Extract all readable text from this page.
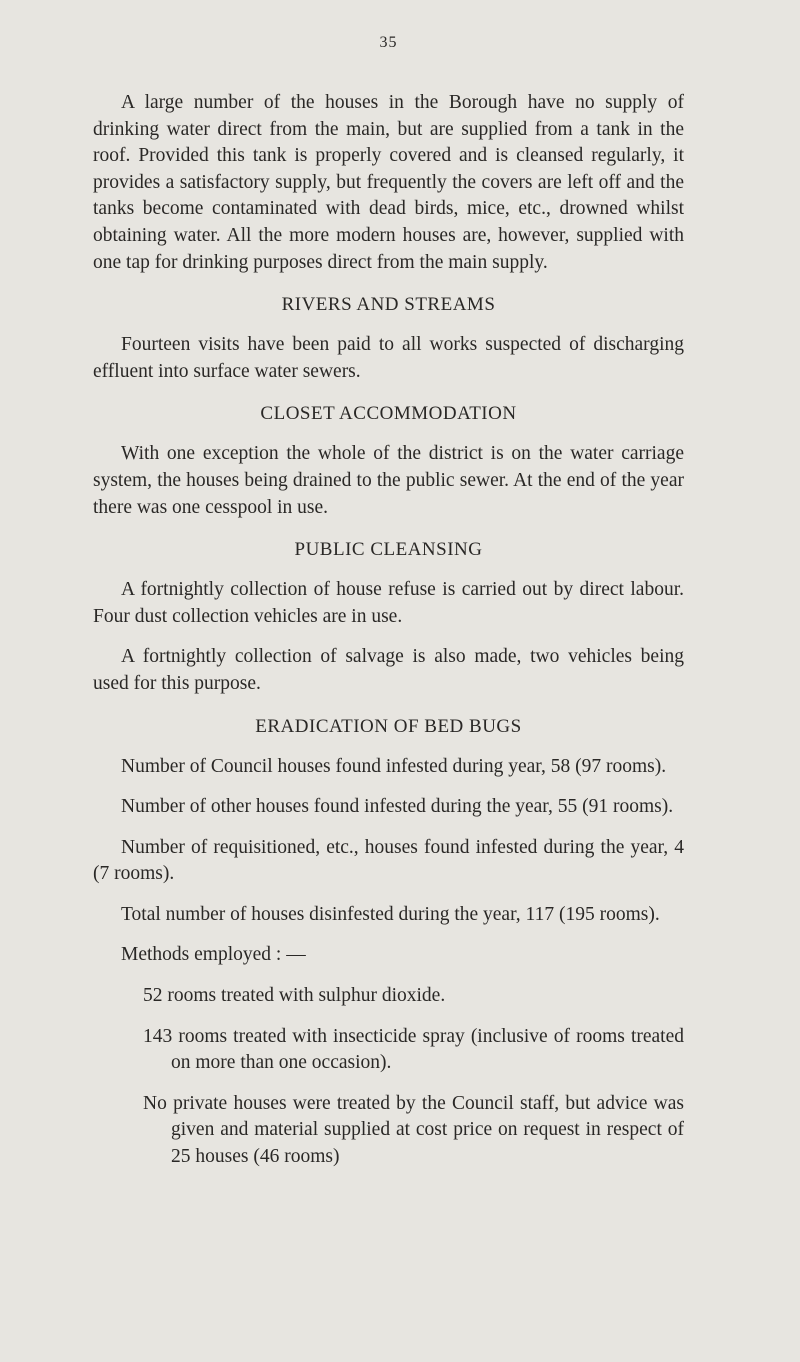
35

A large number of the houses in the Borough have no supply of drinking water direct from the main, but are supplied from a tank in the roof. Provided this tank is properly covered and is cleansed regularly, it provides a satisfactory supply, but frequently the covers are left off and the tanks become contaminated with dead birds, mice, etc., drowned whilst obtaining water. All the more modern houses are, however, supplied with one tap for drinking purposes direct from the main supply.

RIVERS AND STREAMS

Fourteen visits have been paid to all works suspected of discharging effluent into surface water sewers.

CLOSET ACCOMMODATION

With one exception the whole of the district is on the water carriage system, the houses being drained to the public sewer. At the end of the year there was one cesspool in use.

PUBLIC CLEANSING

A fortnightly collection of house refuse is carried out by direct labour. Four dust collection vehicles are in use.

A fortnightly collection of salvage is also made, two vehicles being used for this purpose.

ERADICATION OF BED BUGS

Number of Council houses found infested during year, 58 (97 rooms).

Number of other houses found infested during the year, 55 (91 rooms).

Number of requisitioned, etc., houses found infested during the year, 4 (7 rooms).

Total number of houses disinfested during the year, 117 (195 rooms).

Methods employed : —

52 rooms treated with sulphur dioxide.

143 rooms treated with insecticide spray (inclusive of rooms treated on more than one occasion).

No private houses were treated by the Council staff, but advice was given and material supplied at cost price on request in respect of 25 houses (46 rooms)
